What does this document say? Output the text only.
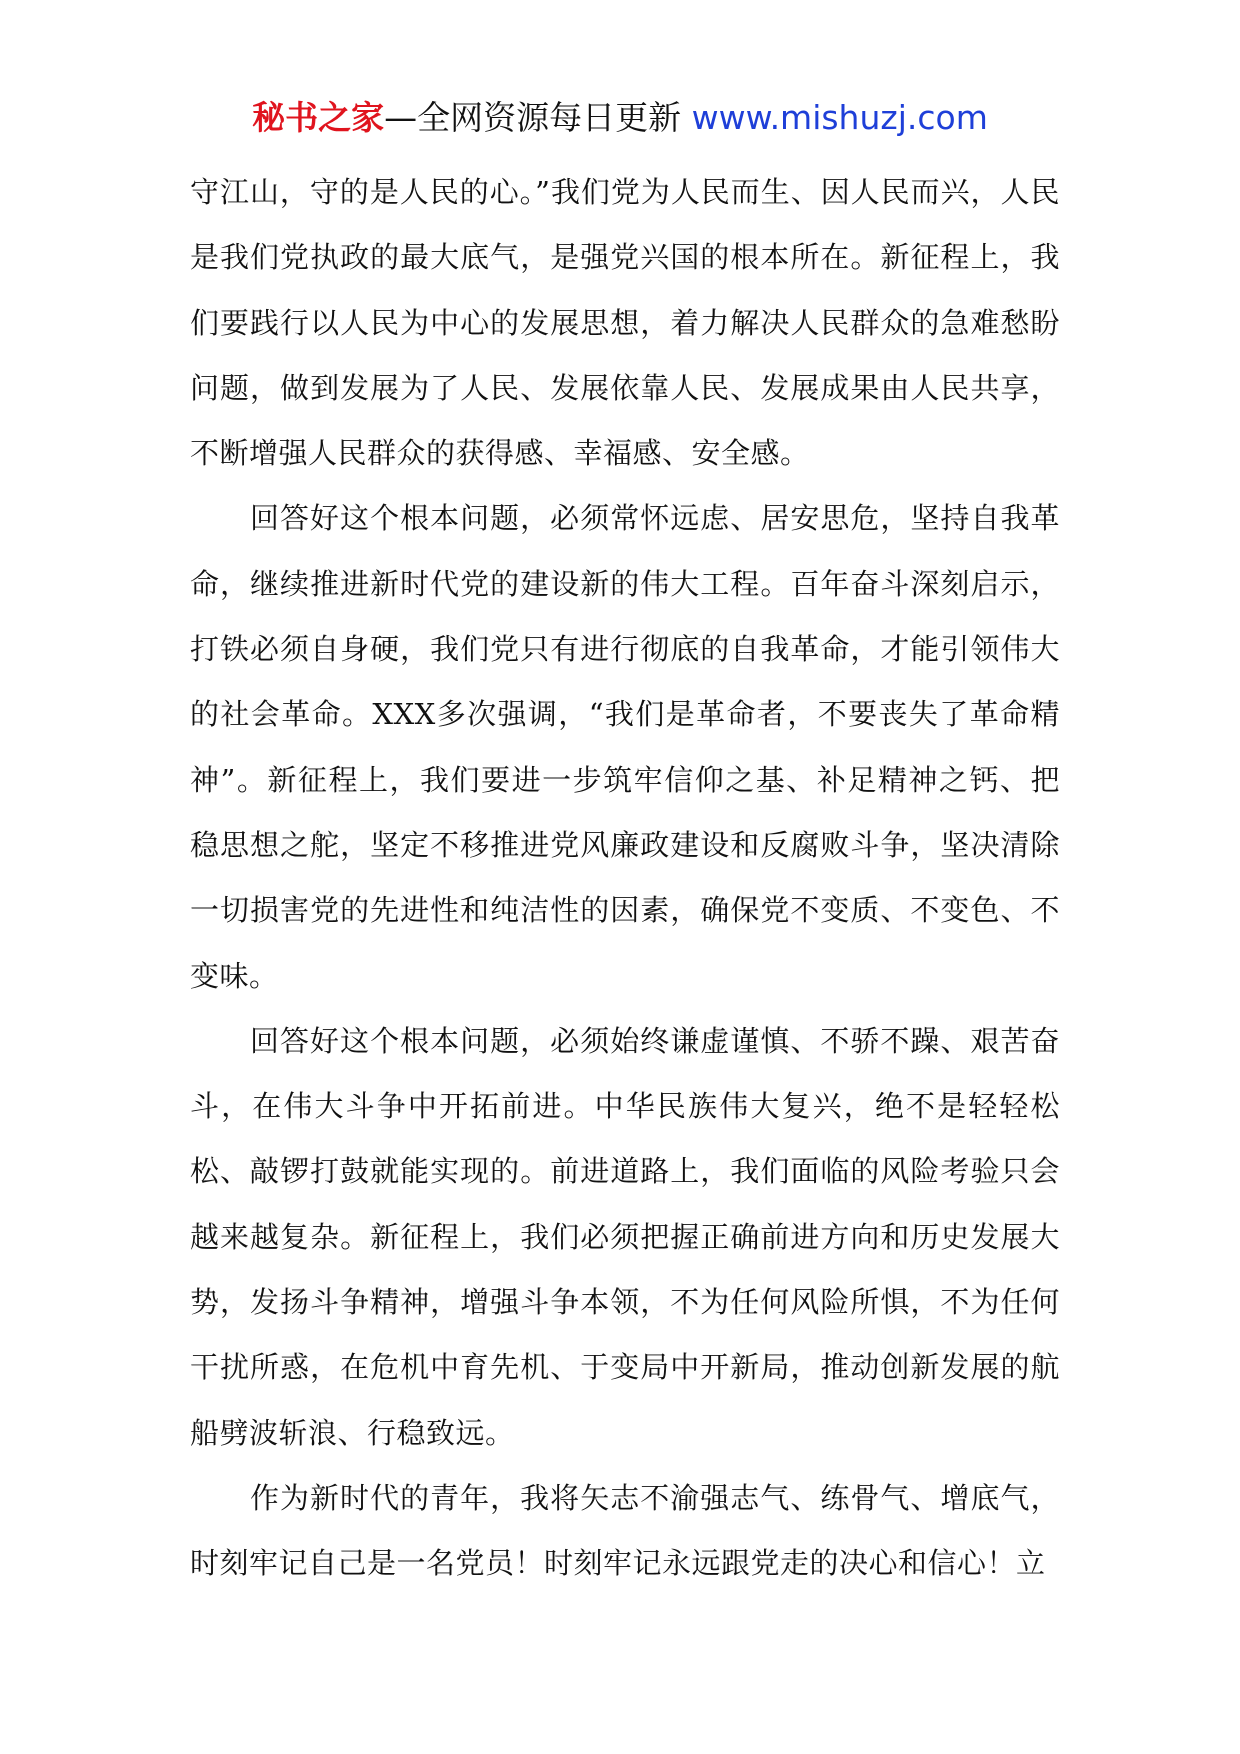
秘书之家—全网资源每日更新 www.mishuzj.com

守江山，守的是人民的心。”我们党为人民而生、因人民而兴，人民是我们党执政的最大底气，是强党兴国的根本所在。新征程上，我们要践行以人民为中心的发展思想，着力解决人民群众的急难愁盼问题，做到发展为了人民、发展依靠人民、发展成果由人民共享，不断增强人民群众的获得感、幸福感、安全感。

回答好这个根本问题，必须常怀远虑、居安思危，坚持自我革命，继续推进新时代党的建设新的伟大工程。百年奋斗深刻启示，打铁必须自身硬，我们党只有进行彻底的自我革命，才能引领伟大的社会革命。XXX多次强调，“我们是革命者，不要丧失了革命精神”。新征程上，我们要进一步筑牢信仰之基、补足精神之钙、把稳思想之舵，坚定不移推进党风廉政建设和反腐败斗争，坚决清除一切损害党的先进性和纯洁性的因素，确保党不变质、不变色、不变味。

回答好这个根本问题，必须始终谦虚谨慎、不骄不躁、艰苦奋斗，在伟大斗争中开拓前进。中华民族伟大复兴，绝不是轻轻松松、敲锣打鼓就能实现的。前进道路上，我们面临的风险考验只会越来越复杂。新征程上，我们必须把握正确前进方向和历史发展大势，发扬斗争精神，增强斗争本领，不为任何风险所惧，不为任何干扰所惑，在危机中育先机、于变局中开新局，推动创新发展的航船劈波斩浪、行稳致远。

作为新时代的青年，我将矢志不渝强志气、练骨气、增底气，时刻牢记自己是一名党员！时刻牢记永远跟党走的决心和信心！立
